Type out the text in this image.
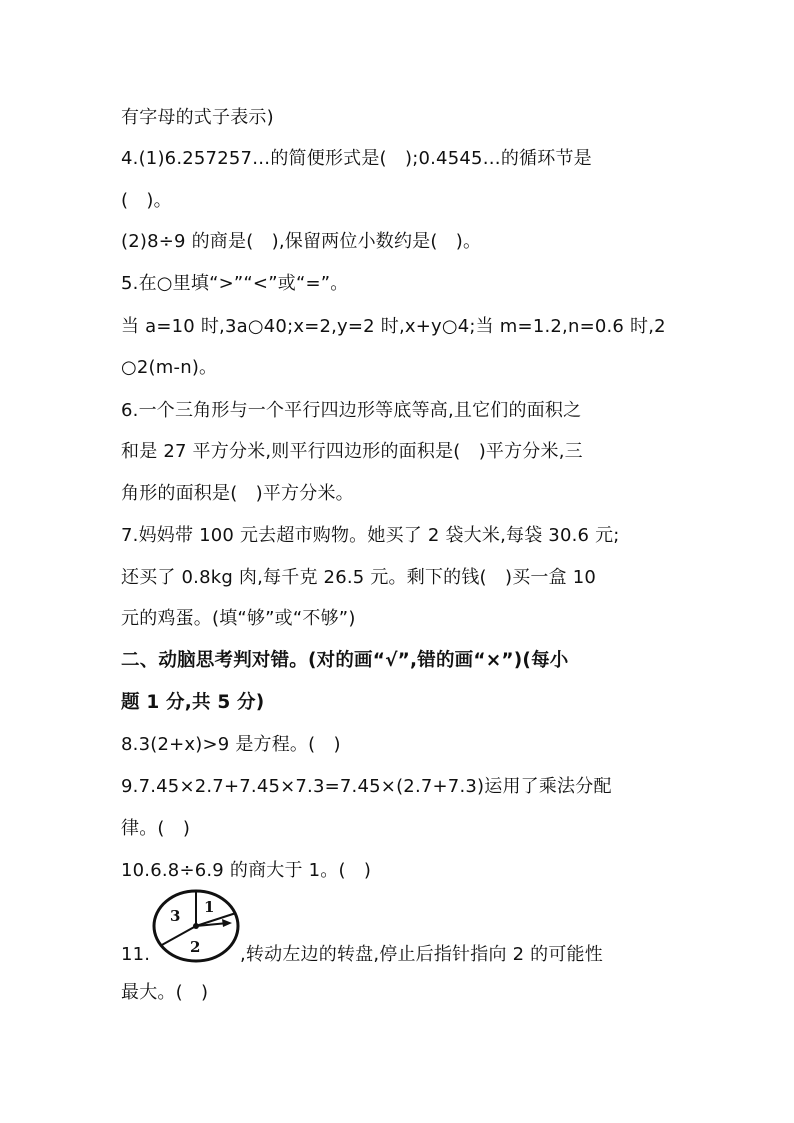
有字母的式子表示)
4.(1)6.257257…的简便形式是(　);0.4545…的循环节是
(　)。
(2)8÷9 的商是(　),保留两位小数约是(　)。
5.在○里填“>”“<”或“=”。
当 a=10 时,3a○40;x=2,y=2 时,x+y○4;当 m=1.2,n=0.6 时,2
○2(m-n)。
6.一个三角形与一个平行四边形等底等高,且它们的面积之
和是 27 平方分米,则平行四边形的面积是(　)平方分米,三
角形的面积是(　)平方分米。
7.妈妈带 100 元去超市购物。她买了 2 袋大米,每袋 30.6 元;
还买了 0.8kg 肉,每千克 26.5 元。剩下的钱(　)买一盒 10
元的鸡蛋。(填“够”或“不够”)
二、动脑思考判对错。(对的画“√”,错的画“×”)(每小
题 1 分,共 5 分)
8.3(2+x)>9 是方程。(　)
9.7.45×2.7+7.45×7.3=7.45×(2.7+7.3)运用了乘法分配
律。(　)
10.6.8÷6.9 的商大于 1。(　)
11.
3 1
2 ,转动左边的转盘,停止后指针指向 2 的可能性
最大。(　)
